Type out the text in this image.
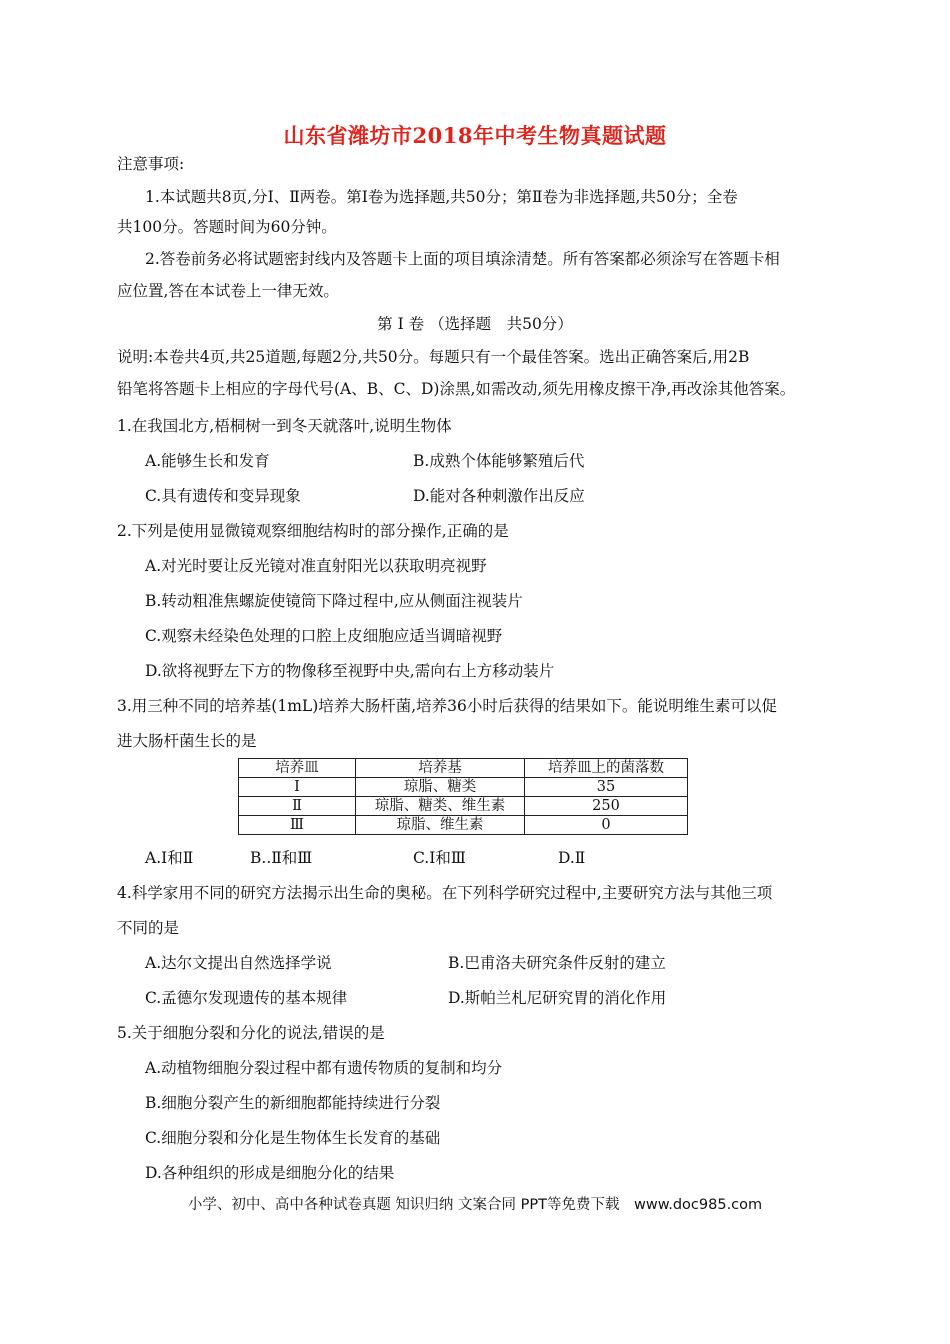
山东省潍坊市2018年中考生物真题试题
注意事项:
1.本试题共8页,分Ⅰ、Ⅱ两卷。第Ⅰ卷为选择题,共50分；第Ⅱ卷为非选择题,共50分；全卷
共100分。答题时间为60分钟。
2.答卷前务必将试题密封线内及答题卡上面的项目填涂清楚。所有答案都必须涂写在答题卡相
应位置,答在本试卷上一律无效。
第 Ⅰ 卷 （选择题　共50分）
说明:本卷共4页,共25道题,每题2分,共50分。每题只有一个最佳答案。选出正确答案后,用2B
铅笔将答题卡上相应的字母代号(A、B、C、D)涂黑,如需改动,须先用橡皮擦干净,再改涂其他答案。
1.在我国北方,梧桐树一到冬天就落叶,说明生物体
A.能够生长和发育	B.成熟个体能够繁殖后代
C.具有遗传和变异现象	D.能对各种刺激作出反应
2.下列是使用显微镜观察细胞结构时的部分操作,正确的是
A.对光时要让反光镜对准直射阳光以获取明亮视野
B.转动粗准焦螺旋使镜筒下降过程中,应从侧面注视装片
C.观察未经染色处理的口腔上皮细胞应适当调暗视野
D.欲将视野左下方的物像移至视野中央,需向右上方移动装片
3.用三种不同的培养基(1mL)培养大肠杆菌,培养36小时后获得的结果如下。能说明维生素可以促
进大肠杆菌生长的是
培养皿	培养基	培养皿上的菌落数
Ⅰ	琼脂、糖类	35
Ⅱ	琼脂、糖类、维生素	250
Ⅲ	琼脂、维生素	0
A.Ⅰ和Ⅱ	B..Ⅱ和Ⅲ	C.Ⅰ和Ⅲ	D.Ⅱ
4.科学家用不同的研究方法揭示出生命的奥秘。在下列科学研究过程中,主要研究方法与其他三项
不同的是
A.达尔文提出自然选择学说	B.巴甫洛夫研究条件反射的建立
C.孟德尔发现遗传的基本规律	D.斯帕兰札尼研究胃的消化作用
5.关于细胞分裂和分化的说法,错误的是
A.动植物细胞分裂过程中都有遗传物质的复制和均分
B.细胞分裂产生的新细胞都能持续进行分裂
C.细胞分裂和分化是生物体生长发育的基础
D.各种组织的形成是细胞分化的结果
小学、初中、高中各种试卷真题 知识归纳 文案合同 PPT等免费下载　www.doc985.com
